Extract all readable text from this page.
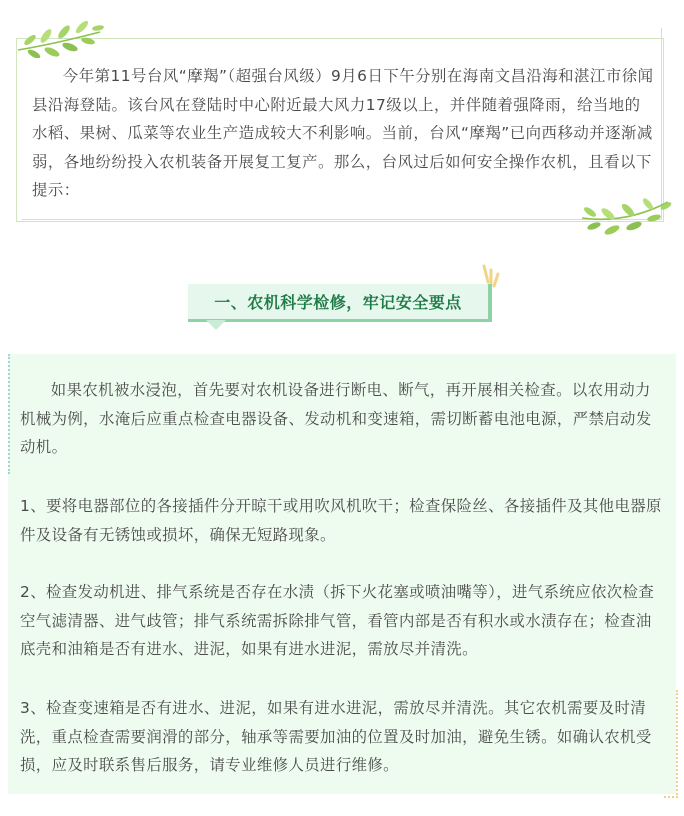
今年第11号台风“摩羯”（超强台风级）9月6日下午分别在海南文昌沿海和湛江市徐闻县沿海登陆。该台风在登陆时中心附近最大风力17级以上，并伴随着强降雨，给当地的水稻、果树、瓜菜等农业生产造成较大不利影响。当前，台风“摩羯”已向西移动并逐渐减弱，各地纷纷投入农机装备开展复工复产。那么，台风过后如何安全操作农机，且看以下提示：

一、农机科学检修，牢记安全要点

如果农机被水浸泡，首先要对农机设备进行断电、断气，再开展相关检查。以农用动力机械为例，水淹后应重点检查电器设备、发动机和变速箱，需切断蓄电池电源，严禁启动发动机。

1、要将电器部位的各接插件分开晾干或用吹风机吹干；检查保险丝、各接插件及其他电器原件及设备有无锈蚀或损坏，确保无短路现象。

2、检查发动机进、排气系统是否存在水渍（拆下火花塞或喷油嘴等），进气系统应依次检查空气滤清器、进气歧管；排气系统需拆除排气管，看管内部是否有积水或水渍存在；检查油底壳和油箱是否有进水、进泥，如果有进水进泥，需放尽并清洗。

3、检查变速箱是否有进水、进泥，如果有进水进泥，需放尽并清洗。其它农机需要及时清洗，重点检查需要润滑的部分，轴承等需要加油的位置及时加油，避免生锈。如确认农机受损，应及时联系售后服务，请专业维修人员进行维修。
